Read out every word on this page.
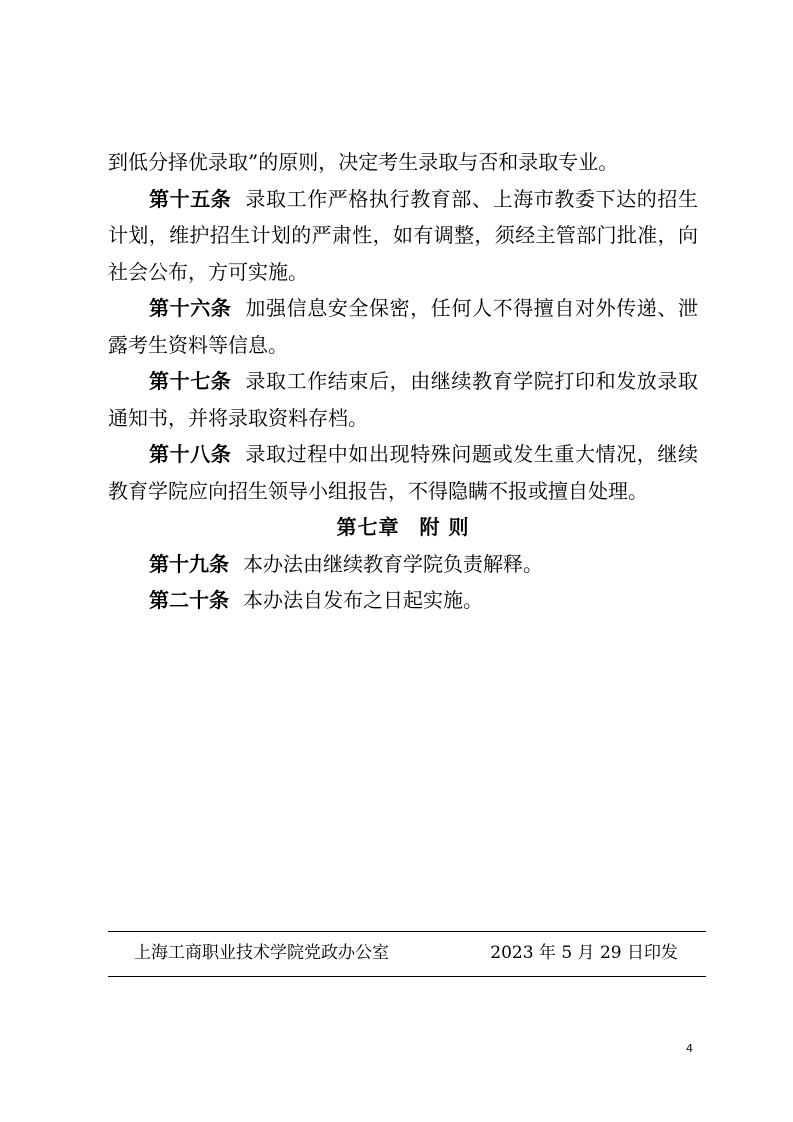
到低分择优录取”的原则，决定考生录取与否和录取专业。

第十五条 录取工作严格执行教育部、上海市教委下达的招生计划，维护招生计划的严肃性，如有调整，须经主管部门批准，向社会公布，方可实施。

第十六条 加强信息安全保密，任何人不得擅自对外传递、泄露考生资料等信息。

第十七条 录取工作结束后，由继续教育学院打印和发放录取通知书，并将录取资料存档。

第十八条 录取过程中如出现特殊问题或发生重大情况，继续教育学院应向招生领导小组报告，不得隐瞒不报或擅自处理。

第七章 附 则

第十九条 本办法由继续教育学院负责解释。

第二十条 本办法自发布之日起实施。

上海工商职业技术学院党政办公室	2023 年 5 月 29 日印发
4
